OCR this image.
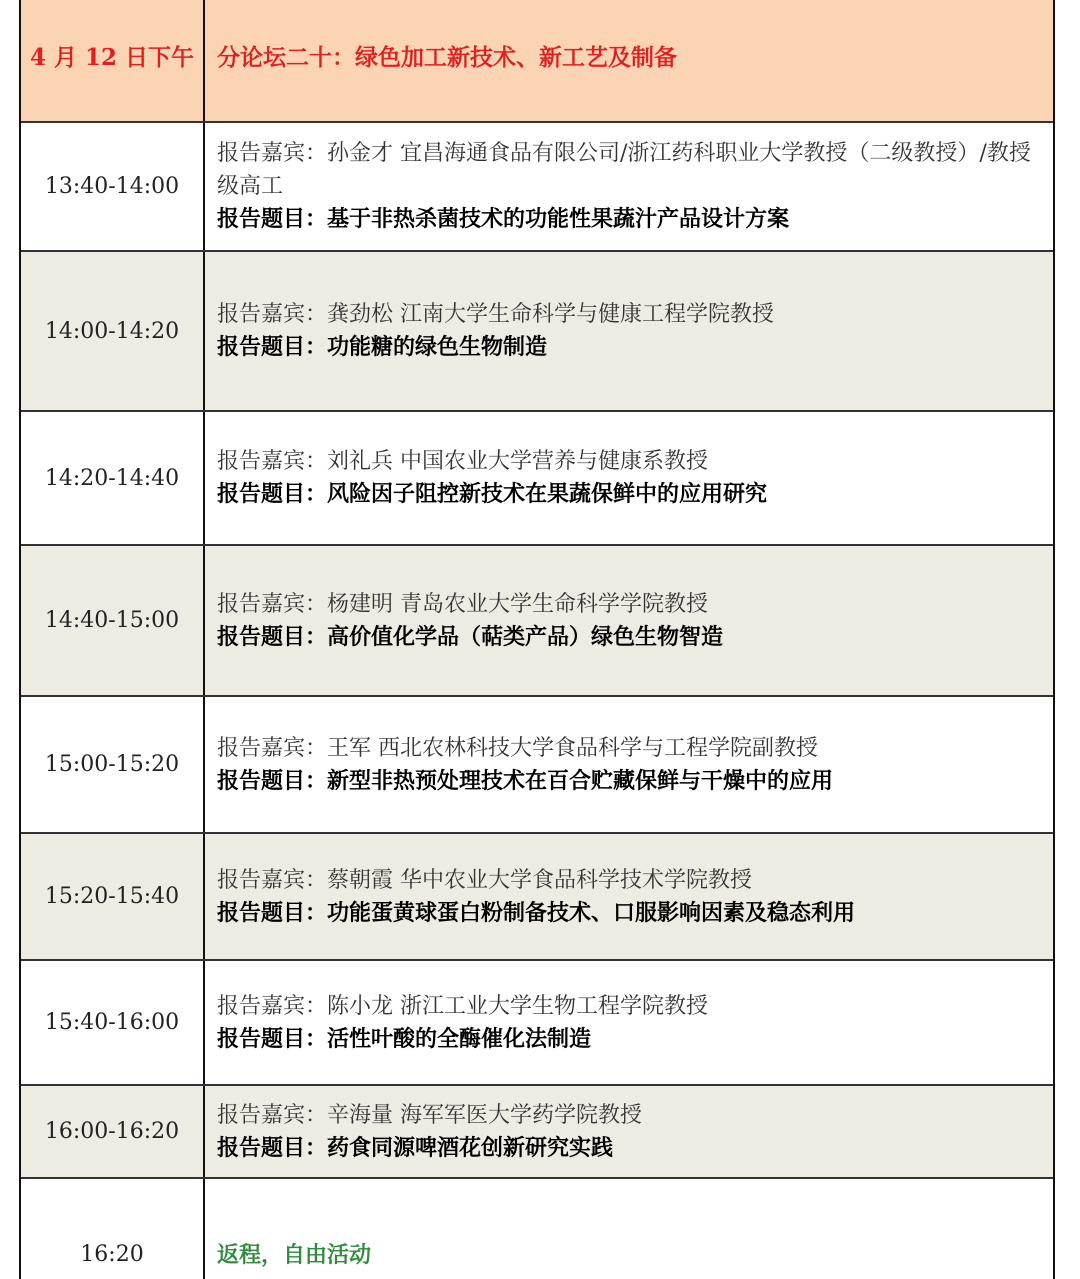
4 月 12 日下午 分论坛二十：绿色加工新技术、新工艺及制备
13:40-14:00
报告嘉宾：孙金才 宜昌海通食品有限公司/浙江药科职业大学教授（二级教授）/教授级高工
报告题目：基于非热杀菌技术的功能性果蔬汁产品设计方案
14:00-14:20
报告嘉宾：龚劲松 江南大学生命科学与健康工程学院教授
报告题目：功能糖的绿色生物制造
14:20-14:40
报告嘉宾：刘礼兵 中国农业大学营养与健康系教授
报告题目：风险因子阻控新技术在果蔬保鲜中的应用研究
14:40-15:00
报告嘉宾：杨建明 青岛农业大学生命科学学院教授
报告题目：高价值化学品（萜类产品）绿色生物智造
15:00-15:20
报告嘉宾：王军 西北农林科技大学食品科学与工程学院副教授
报告题目：新型非热预处理技术在百合贮藏保鲜与干燥中的应用
15:20-15:40
报告嘉宾：蔡朝霞 华中农业大学食品科学技术学院教授
报告题目：功能蛋黄球蛋白粉制备技术、口服影响因素及稳态利用
15:40-16:00
报告嘉宾：陈小龙 浙江工业大学生物工程学院教授
报告题目：活性叶酸的全酶催化法制造
16:00-16:20
报告嘉宾：辛海量 海军军医大学药学院教授
报告题目：药食同源啤酒花创新研究实践
16:20	返程，自由活动
